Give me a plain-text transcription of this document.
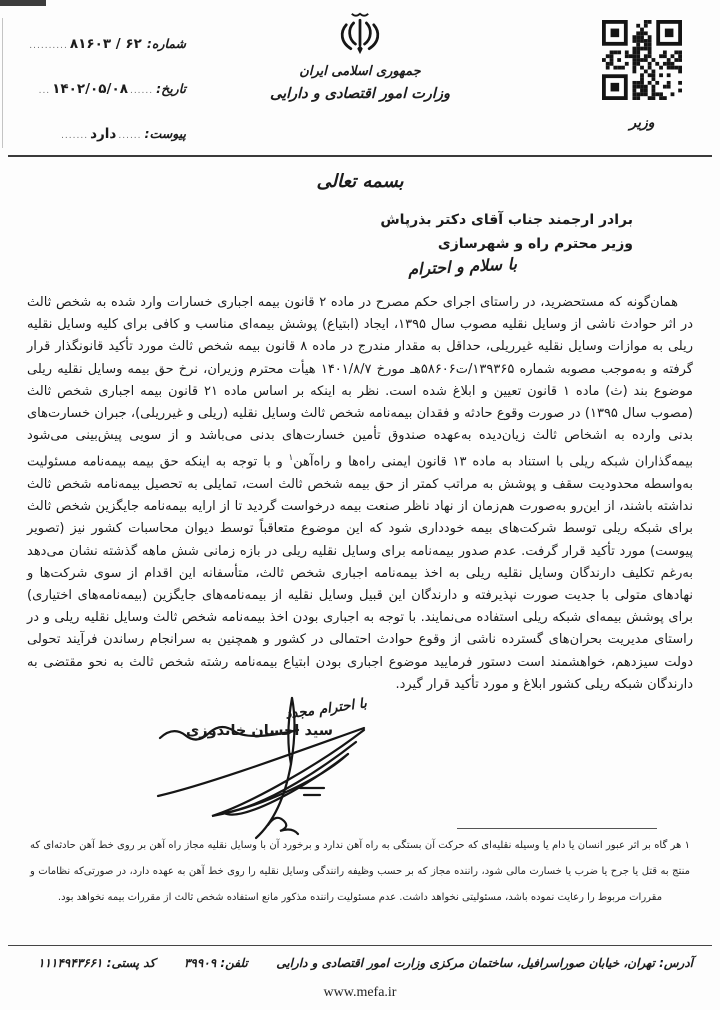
شماره:
۶۲ / ۸۱۶۰۳
..........
تاریخ:
......
۱۴۰۲/۰۵/۰۸
...
پیوست:
......
دارد
.......
جمهوری اسلامی ایران
وزارت امور اقتصادی و دارایی
وزیر
بسمه تعالی
برادر ارجمند جناب آقای دکتر بذرپاش
وزیر محترم راه و شهرسازی
با سلام و احترام

همان‌گونه که مستحضرید، در راستای اجرای حکم مصرح در ماده ۲ قانون بیمه اجباری خسارات وارد شده به شخص ثالث در اثر حوادث ناشی از وسایل نقلیه مصوب سال ۱۳۹۵، ایجاد (ابتیاع) پوشش بیمه‌ای مناسب و کافی برای کلیه وسایل نقلیه ریلی به موازات وسایل نقلیه غیرریلی، حداقل به مقدار مندرج در ماده ۸ قانون بیمه شخص ثالث مورد تأکید قانونگذار قرار گرفته و به‌موجب مصوبه شماره ۱۳۹۳۶۵/ت۵۸۶۰۶هـ مورخ ۱۴۰۱/۸/۷ هیأت محترم وزیران، نرخ حق بیمه وسایل نقلیه ریلی موضوع بند (ث) ماده ۱ قانون تعیین و ابلاغ شده است. نظر به اینکه بر اساس ماده ۲۱ قانون بیمه اجباری شخص ثالث (مصوب سال ۱۳۹۵) در صورت وقوع حادثه و فقدان بیمه‌نامه شخص ثالث وسایل نقلیه (ریلی و غیرریلی)، جبران خسارت‌های بدنی وارده به اشخاص ثالث زیان‌دیده به‌عهده صندوق تأمین خسارت‌های بدنی می‌باشد و از سویی پیش‌بینی می‌شود بیمه‌گذاران شبکه ریلی با استناد به ماده ۱۳ قانون ایمنی راه‌ها و راه‌آهن$^۱$ و با توجه به اینکه حق بیمه بیمه‌نامه مسئولیت به‌واسطه محدودیت سقف و پوشش به مراتب کمتر از حق بیمه شخص ثالث است، تمایلی به تحصیل بیمه‌نامه شخص ثالث نداشته باشند، از این‌رو به‌صورت هم‌زمان از نهاد ناظر صنعت بیمه درخواست گردید تا از ارایه بیمه‌نامه جایگزین شخص ثالث برای شبکه ریلی توسط شرکت‌های بیمه خودداری شود که این موضوع متعاقباً توسط دیوان محاسبات کشور نیز (تصویر پیوست) مورد تأکید قرار گرفت. عدم صدور بیمه‌نامه برای وسایل نقلیه ریلی در بازه زمانی شش ماهه گذشته نشان می‌دهد به‌رغم تکلیف دارندگان وسایل نقلیه ریلی به اخذ بیمه‌نامه اجباری شخص ثالث، متأسفانه این اقدام از سوی شرکت‌ها و نهادهای متولی با جدیت صورت نپذیرفته و دارندگان این قبیل وسایل نقلیه از بیمه‌نامه‌های جایگزین (بیمه‌نامه‌های اختیاری) برای پوشش بیمه‌ای شبکه ریلی استفاده می‌نمایند. با توجه به اجباری بودن اخذ بیمه‌نامه شخص ثالث وسایل نقلیه ریلی و در راستای مدیریت بحران‌های گسترده ناشی از وقوع حوادث احتمالی در کشور و همچنین به سرانجام رساندن فرآیند تحولی دولت سیزدهم، خواهشمند است دستور فرمایید موضوع اجباری بودن ابتیاع بیمه‌نامه رشته شخص ثالث به نحو مقتضی به دارندگان شبکه ریلی کشور ابلاغ و مورد تأکید قرار گیرد.

با احترام مجدد
سید احسان خاندوزی
۱ هر گاه بر اثر عبور انسان یا دام یا وسیله نقلیه‌ای که حرکت آن بستگی به راه آهن ندارد و برخورد آن با وسایل نقلیه مجاز راه آهن بر روی خط آهن حادثه‌ای که منتج به قتل یا جرح یا ضرب یا خسارت مالی شود، راننده مجاز که بر حسب وظیفه رانندگی وسایل نقلیه را روی خط آهن به عهده دارد، در صورتی‌که نظامات و مقررات مربوط را رعایت نموده باشد، مسئولیتی نخواهد داشت. عدم مسئولیت راننده مذکور مانع استفاده شخص ثالث از مقررات بیمه نخواهد بود.
آدرس: تهران، خیابان صوراسرافیل، ساختمان مرکزی وزارت امور اقتصادی و دارایی
تلفن: ۳۹۹۰۹
کد پستی: ۱۱۱۴۹۴۳۶۶۱
www.mefa.ir
